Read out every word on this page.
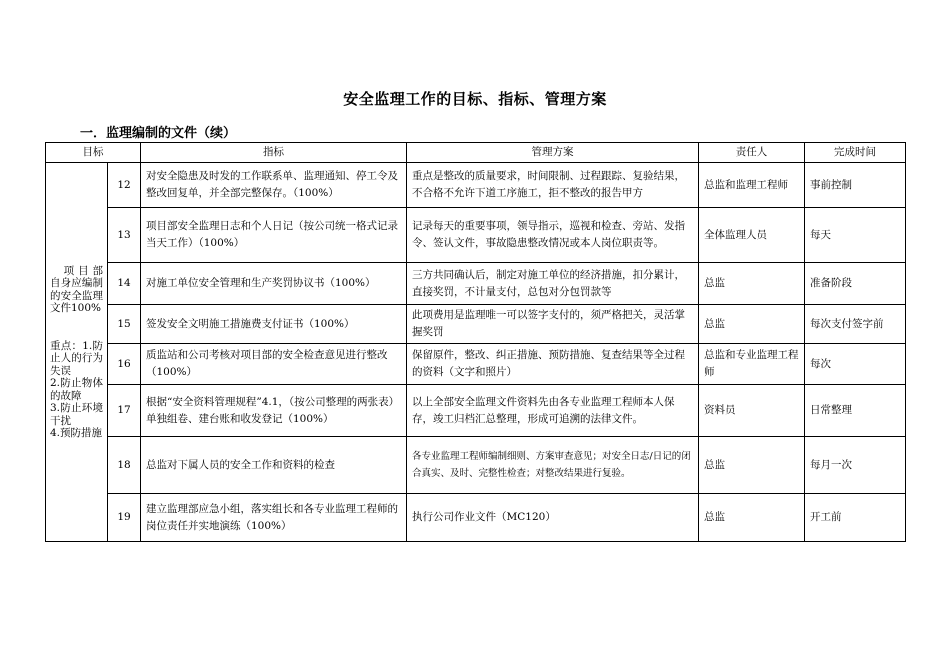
安全监理工作的目标、指标、管理方案
一．监理编制的文件（续）
目标		指标	管理方案	责任人	完成时间

项目部自身应编制的安全监理文件100%
重点：1.防止人的行为失误
2.防止物体的故障
3.防止环境干扰
4.预防措施	12	对安全隐患及时发的工作联系单、监理通知、停工令及整改回复单，并全部完整保存。（100%）	重点是整改的质量要求，时间限制、过程跟踪、复验结果，不合格不允许下道工序施工，拒不整改的报告甲方	总监和监理工程师	事前控制
	13	项目部安全监理日志和个人日记（按公司统一格式记录当天工作）（100%）	记录每天的重要事项，领导指示，巡视和检查、旁站、发指令、签认文件，事故隐患整改情况或本人岗位职责等。	全体监理人员	每天
	14	对施工单位安全管理和生产奖罚协议书（100%）	三方共同确认后，制定对施工单位的经济措施，扣分累计，直接奖罚，不计量支付，总包对分包罚款等	总监	准备阶段
	15	签发安全文明施工措施费支付证书（100%）	此项费用是监理唯一可以签字支付的，须严格把关，灵活掌握奖罚	总监	每次支付签字前
	16	质监站和公司考核对项目部的安全检查意见进行整改（100%）	保留原件，整改、纠正措施、预防措施、复查结果等全过程的资料（文字和照片）	总监和专业监理工程师	每次
	17	根据“安全资料管理规程”4.1，（按公司整理的两张表）单独组卷、建台账和收发登记（100%）	以上全部安全监理文件资料先由各专业监理工程师本人保存，竣工归档汇总整理，形成可追溯的法律文件。	资料员	日常整理
	18	总监对下属人员的安全工作和资料的检查	各专业监理工程师编制细则、方案审查意见；对安全日志/日记的闭合真实、及时、完整性检查；对整改结果进行复验。	总监	每月一次
	19	建立监理部应急小组，落实组长和各专业监理工程师的岗位责任并实地演练（100%）	执行公司作业文件（MC120）	总监	开工前
